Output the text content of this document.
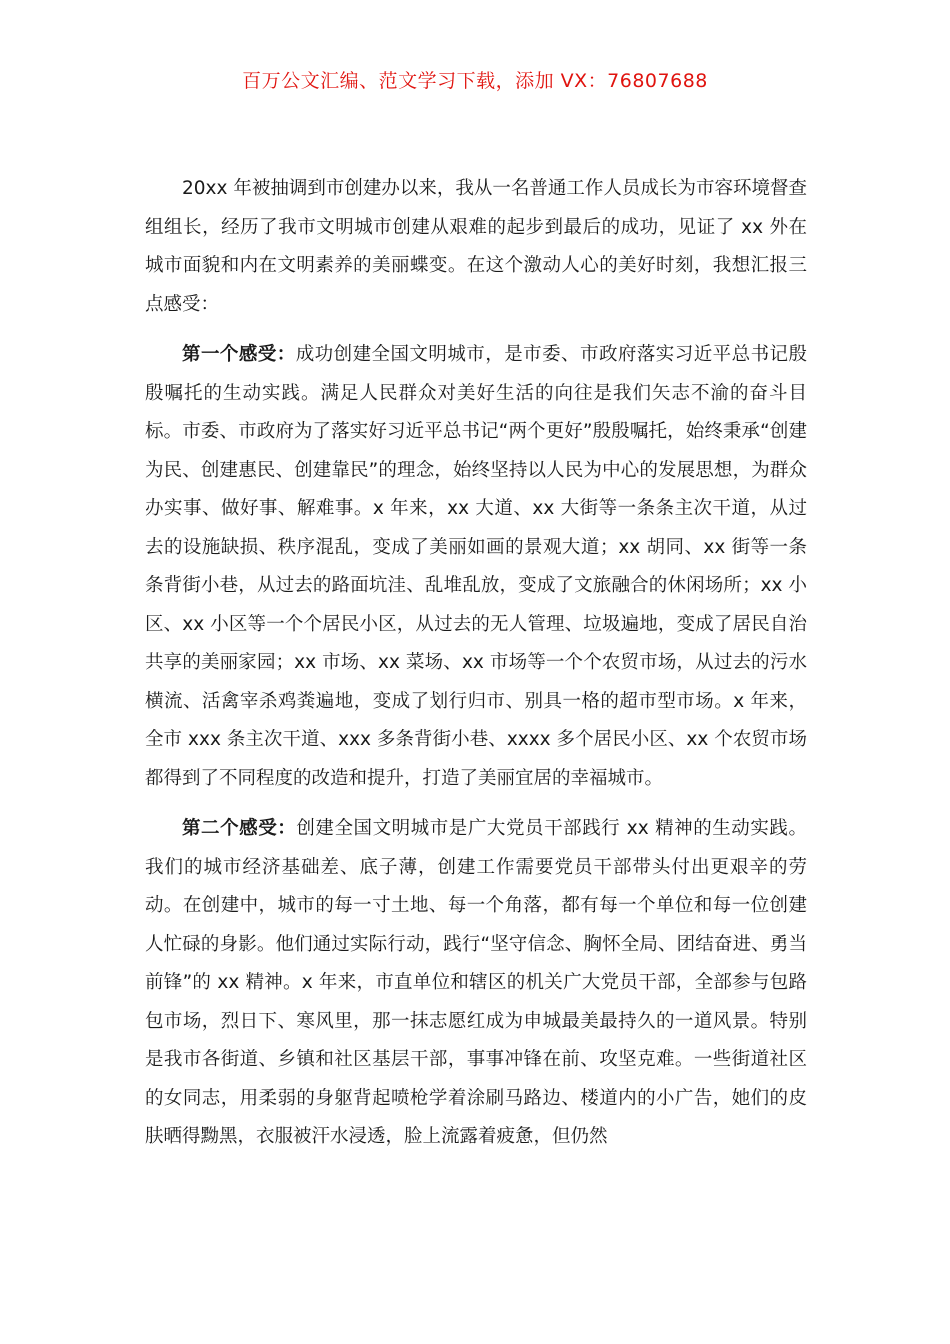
百万公文汇编、范文学习下载，添加 VX：76807688

20xx 年被抽调到市创建办以来，我从一名普通工作人员成长为市容环境督查组组长，经历了我市文明城市创建从艰难的起步到最后的成功，见证了 xx 外在城市面貌和内在文明素养的美丽蝶变。在这个激动人心的美好时刻，我想汇报三点感受：

第一个感受：成功创建全国文明城市，是市委、市政府落实习近平总书记殷殷嘱托的生动实践。满足人民群众对美好生活的向往是我们矢志不渝的奋斗目标。市委、市政府为了落实好习近平总书记“两个更好”殷殷嘱托，始终秉承“创建为民、创建惠民、创建靠民”的理念，始终坚持以人民为中心的发展思想，为群众办实事、做好事、解难事。x 年来，xx 大道、xx 大街等一条条主次干道，从过去的设施缺损、秩序混乱，变成了美丽如画的景观大道；xx 胡同、xx 街等一条条背街小巷，从过去的路面坑洼、乱堆乱放，变成了文旅融合的休闲场所；xx 小区、xx 小区等一个个居民小区，从过去的无人管理、垃圾遍地，变成了居民自治共享的美丽家园；xx 市场、xx 菜场、xx 市场等一个个农贸市场，从过去的污水横流、活禽宰杀鸡粪遍地，变成了划行归市、别具一格的超市型市场。x 年来，全市 xxx 条主次干道、xxx 多条背街小巷、xxxx 多个居民小区、xx 个农贸市场都得到了不同程度的改造和提升，打造了美丽宜居的幸福城市。

第二个感受：创建全国文明城市是广大党员干部践行 xx 精神的生动实践。我们的城市经济基础差、底子薄，创建工作需要党员干部带头付出更艰辛的劳动。在创建中，城市的每一寸土地、每一个角落，都有每一个单位和每一位创建人忙碌的身影。他们通过实际行动，践行“坚守信念、胸怀全局、团结奋进、勇当前锋”的 xx 精神。x 年来，市直单位和辖区的机关广大党员干部，全部参与包路包市场，烈日下、寒风里，那一抹志愿红成为申城最美最持久的一道风景。特别是我市各街道、乡镇和社区基层干部，事事冲锋在前、攻坚克难。一些街道社区的女同志，用柔弱的身躯背起喷枪学着涂刷马路边、楼道内的小广告，她们的皮肤晒得黝黑，衣服被汗水浸透，脸上流露着疲惫，但仍然
